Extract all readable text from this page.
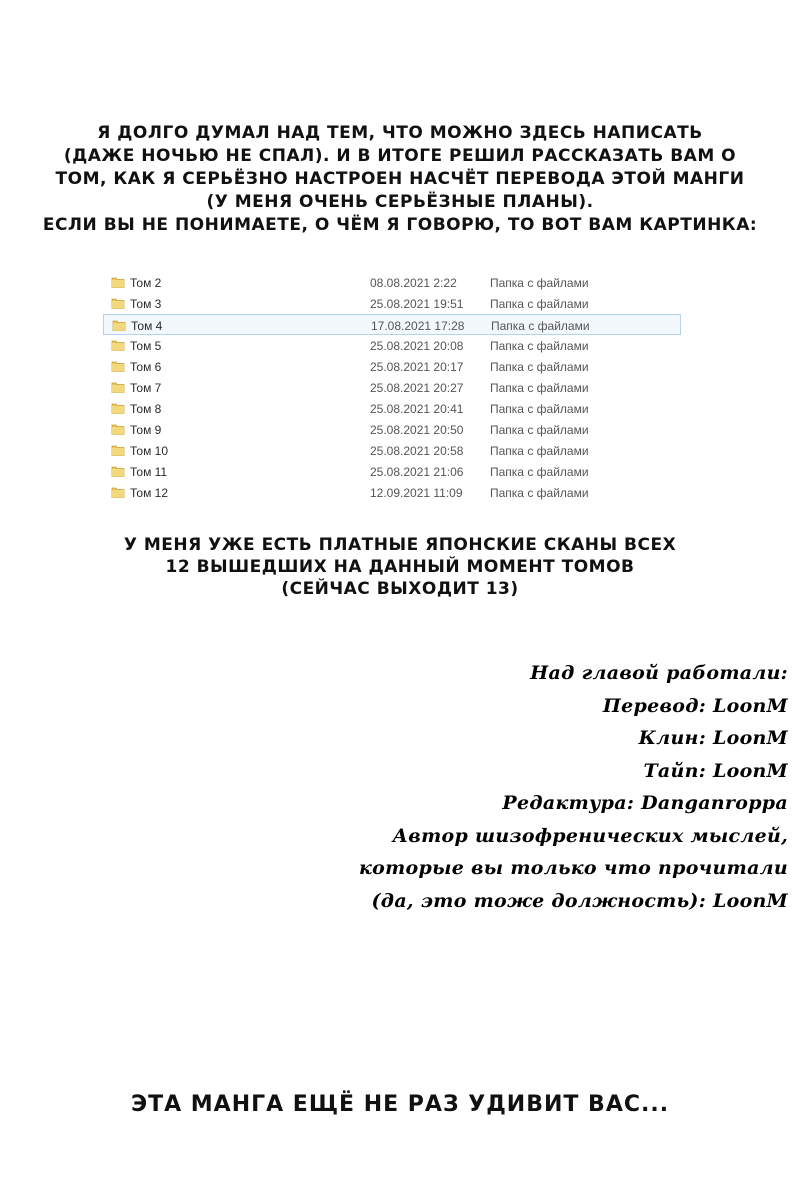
Я ДОЛГО ДУМАЛ НАД ТЕМ, ЧТО МОЖНО ЗДЕСЬ НАПИСАТЬ
(ДАЖЕ НОЧЬЮ НЕ СПАЛ). И В ИТОГЕ РЕШИЛ РАССКАЗАТЬ ВАМ О
ТОМ, КАК Я СЕРЬЁЗНО НАСТРОЕН НАСЧЁТ ПЕРЕВОДА ЭТОЙ МАНГИ
(У МЕНЯ ОЧЕНЬ СЕРЬЁЗНЫЕ ПЛАНЫ).
ЕСЛИ ВЫ НЕ ПОНИМАЕТЕ, О ЧЁМ Я ГОВОРЮ, ТО ВОТ ВАМ КАРТИНКА:
Том 2	08.08.2021 2:22	Папка с файлами
Том 3	25.08.2021 19:51 Папка с файлами
Том 4	17.08.2021 17:28 Папка с файлами
Том 5	25.08.2021 20:08 Папка с файлами
Том 6	25.08.2021 20:17 Папка с файлами
Том 7	25.08.2021 20:27 Папка с файлами
Том 8	25.08.2021 20:41 Папка с файлами
Том 9	25.08.2021 20:50 Папка с файлами
Том 10	25.08.2021 20:58 Папка с файлами
Том 11	25.08.2021 21:06 Папка с файлами
Том 12	12.09.2021 11:09 Папка с файлами
У МЕНЯ УЖЕ ЕСТЬ ПЛАТНЫЕ ЯПОНСКИЕ СКАНЫ ВСЕХ
12 ВЫШЕДШИХ НА ДАННЫЙ МОМЕНТ ТОМОВ
(СЕЙЧАС ВЫХОДИТ 13)
Над главой работали:
Перевод: LoonM
Клин: LoonM
Тайп: LoonM
Редактура: Danganroppa
Автор шизофренических мыслей,
которые вы только что прочитали
(да, это тоже должность): LoonM
ЭТА МАНГА ЕЩЁ НЕ РАЗ УДИВИТ ВАС...
